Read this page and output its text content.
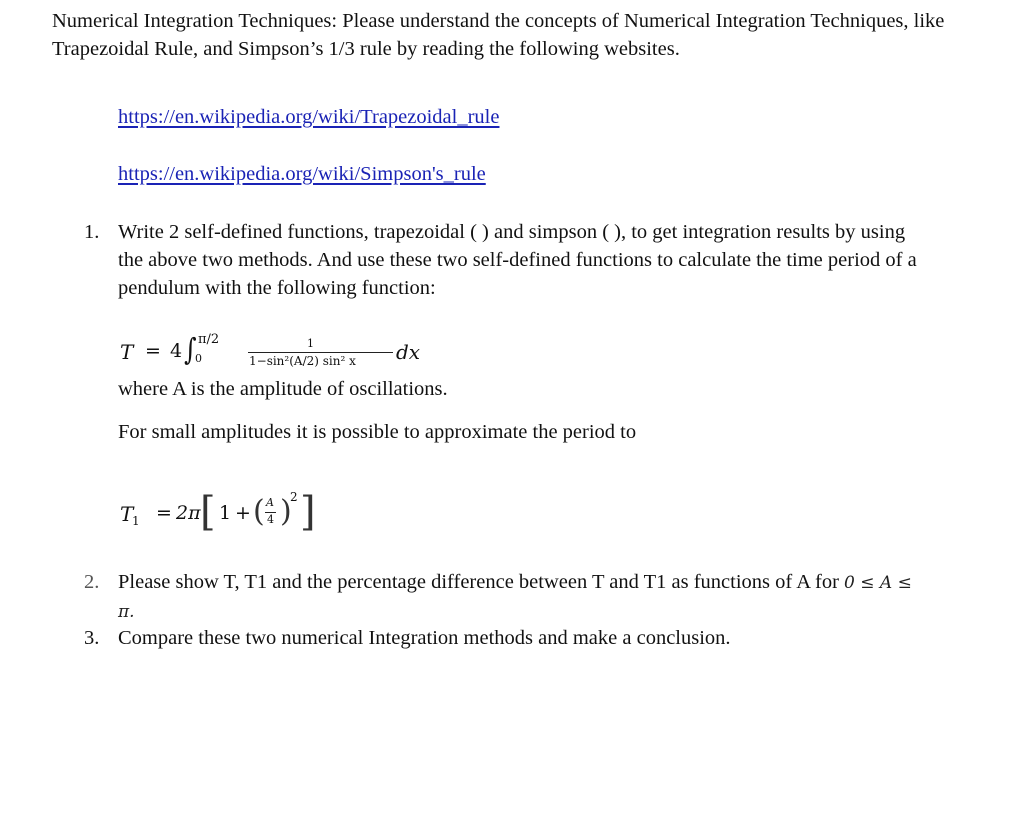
Numerical Integration Techniques: Please understand the concepts of Numerical Integration Techniques, like Trapezoidal Rule, and Simpson’s 1/3 rule by reading the following websites.
https://en.wikipedia.org/wiki/Trapezoidal_rule
https://en.wikipedia.org/wiki/Simpson's_rule
1. Write 2 self-defined functions, trapezoidal ( ) and simpson ( ), to get integration results by using the above two methods. And use these two self-defined functions to calculate the time period of a pendulum with the following function:
T = 4 ∫ π/2
0
1
1−sin²(A/2) sin² x dx
where A is the amplitude of oscillations.
For small amplitudes it is possible to approximate the period to
T
1 = 2π [ 1 + ( A
4 )
2 ]
2. Please show T, T1 and the percentage difference between T and T1 as functions of A for 0 ≤ A ≤ π.
3. Compare these two numerical Integration methods and make a conclusion.
